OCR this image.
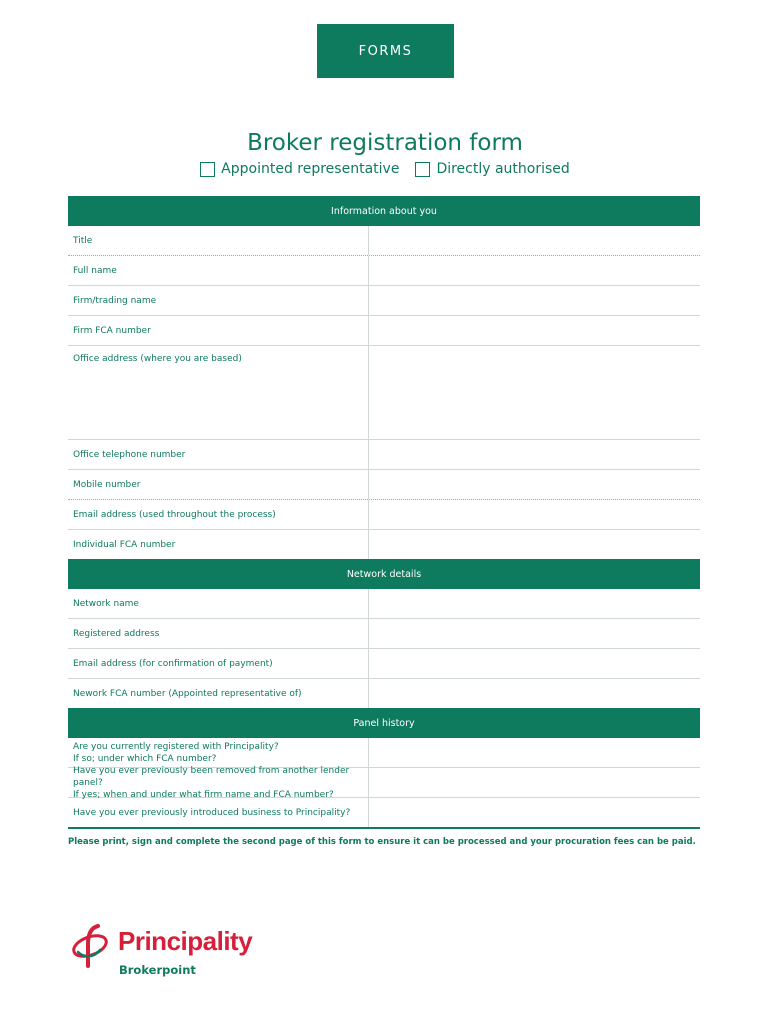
FORMS
Broker registration form
Appointed representative	Directly authorised
Information about you
Title
Full name
Firm/trading name
Firm FCA number
Office address (where you are based)
Office telephone number
Mobile number
Email address (used throughout the process)
Individual FCA number
Network details
Network name
Registered address
Email address (for confirmation of payment)
Nework FCA number (Appointed representative of)
Panel history
Are you currently registered with Principality?
If so; under which FCA number?
Have you ever previously been removed from another lender panel?
If yes; when and under what firm name and FCA number?
Have you ever previously introduced business to Principality?
Please print, sign and complete the second page of this form to ensure it can be processed and your procuration fees can be paid.
Principality
Brokerpoint
